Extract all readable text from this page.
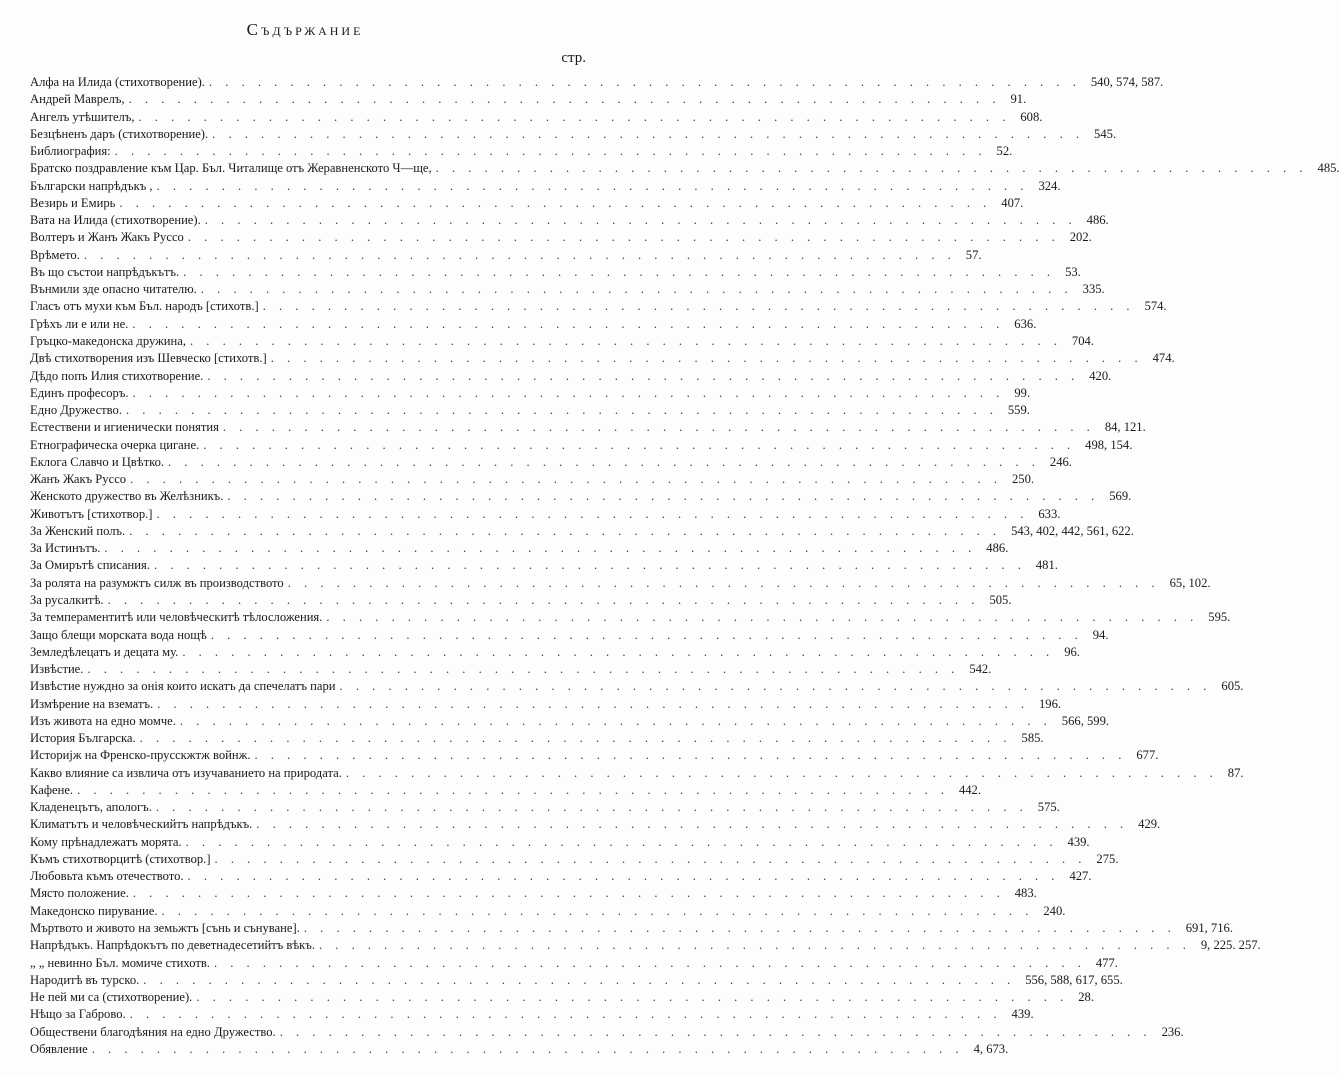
Съдържание
стр.
Алфа на Илида (стихотворение). . . .	540, 574, 587.
Андрей Маврелъ, . . .	91.
Ангелъ утѣшителъ, . . .	608.
Безцѣненъ даръ (стихотворение). . . .	545.
Библиография: . . .	52.
Братско поздравление към Цар. Бъл. Читалище отъ Жеравненското Ч—ще, . . .	485.
Български напрѣдъкъ , . . .	324.
Везирь и Емирь . . .	407.
Вата на Илида (стихотворение). . . .	486.
Волтеръ и Жанъ Жакъ Руссо . . .	202.
Врѣмето. . . .	57.
Въ що състои напрѣдъкътъ. . . .	53.
Вънмили зде опасно читателю. . . .	335.
Гласъ отъ мухи към Бъл. народъ [стихотв.] . . .	574.
Грѣхъ ли е или не. . . .	636.
Гръцко-македонска дружина, . . .	704.
Двѣ стихотворения изъ Шевческо [стихотв.] . . .	474.
Дѣдо попъ Илия стихотворение. . . .	420.
Единъ професоръ. . . .	99.
Едно Дружество. . . .	559.
Естествени и игиенически понятия . . .	84, 121.
Етнографическа очерка цигане. . . .	498, 154.
Еклога Славчо и Цвѣтко. . . .	246.
Жанъ Жакъ Руссо . . .	250.
Женското дружество въ Желѣзникъ. . . .	569.
Животътъ [стихотвор.] . . .	633.
За Женский полъ. . . .	543, 402, 442, 561, 622.
За Истинътъ. . . .	486.
За Омирътѣ списания. . . .	481.
За ролята на разумжтъ силж въ производството . . .	65, 102.
За русалкитѣ. . . .	505.
За темпераментитѣ или человѣческитѣ тѣлосложения. . . .	595.
Защо блещи морската вода нощѣ . . .	94.
Земледѣлецатъ и децата му. . . .	96.
Извѣстие. . . .	542.
Извѣстие нуждно за онія които искатъ да спечелатъ пари . . .	605.
Измѣрение на взематъ. . . .	196.
Изъ живота на едно момче. . . .	566, 599.
История Българска. . . .	585.
Историјж на Френско-прусскжтж войнж. . . .	677.
Какво влияние са извлича отъ изучаванието на природата. . . .	87.
Кафене. . . .	442.
Кладенецътъ, апологъ. . . .	575.
Климатътъ и человѣческийтъ напрѣдъкъ. . . .	429.
Кому прѣнадлежатъ морята. . . .	439.
Къмъ стихотворцитѣ (стихотвор.] . . .	275.
Любовьта къмъ отечеството. . . .	427.
Място положение. . . .	483.
Македонско пирувание. . . .	240.
Мъртвото и живото на земьжтъ [сънь и сънуване]. . . .	691, 716.
Напрѣдъкъ. Напрѣдокътъ по деветнадесетийтъ вѣкъ. . . .	9, 225. 257.
„ „ невинно Бъл. момиче стихотв. . . .	477.
Народитѣ въ турско. . . .	556, 588, 617, 655.
Не пей ми са (стихотворение). . . .	28.
Нѣщо за Габрово. . . .	439.
Обществени благодѣяния на едно Дружество. . . .	236.
Обявление . . .	4, 673.
